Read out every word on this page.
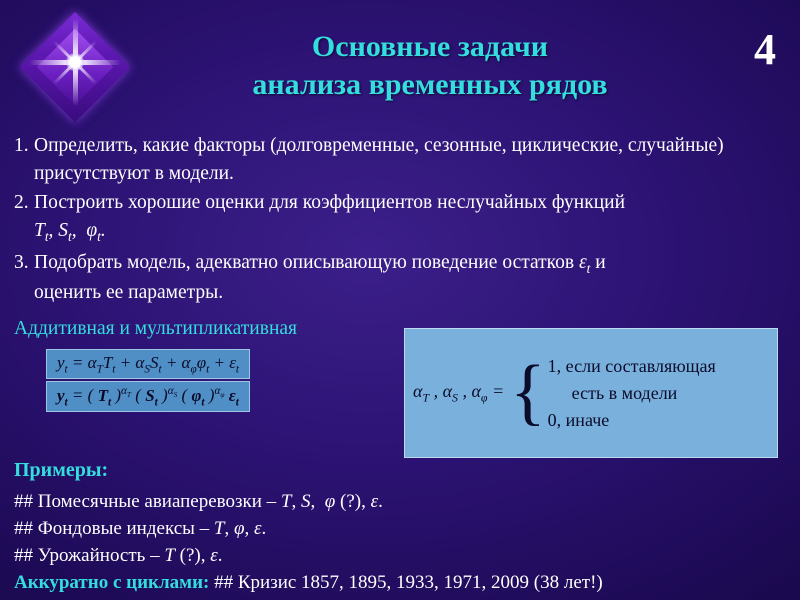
Основные задачи
анализа временных рядов
4
1. Определить, какие факторы (долговременные, сезонные, циклические, случайные) присутствуют в модели.
2. Построить хорошие оценки для коэффициентов неслучайных функций
$T_t$, $S_t$,  $\varphi_t$.
3. Подобрать модель, адекватно описывающую поведение остатков $\varepsilon_t$ и
оценить ее параметры.
Аддитивная и мультипликативная
$y_t = \alpha_TT_t + \alpha_SS_t + \alpha_\varphi\varphi_t + \varepsilon_t$
$y_t$ = ( $T_t$ )$^{\alpha_T}$ ( $S_t$ )$^{\alpha_S}$ ( $\varphi_t$ )$^{\alpha_\varphi}$ $\varepsilon_t$
$\alpha_T$ , $\alpha_S$ , $\alpha_\varphi$ = { 1, если составляющая
есть в модели
0, иначе
Примеры:
## Помесячные авиаперевозки – T, S,  φ (?), ε.
## Фондовые индексы – T, φ, ε.
## Урожайность – T (?), ε.
Аккуратно с циклами: ## Кризис 1857, 1895, 1933, 1971, 2009 (38 лет!)
